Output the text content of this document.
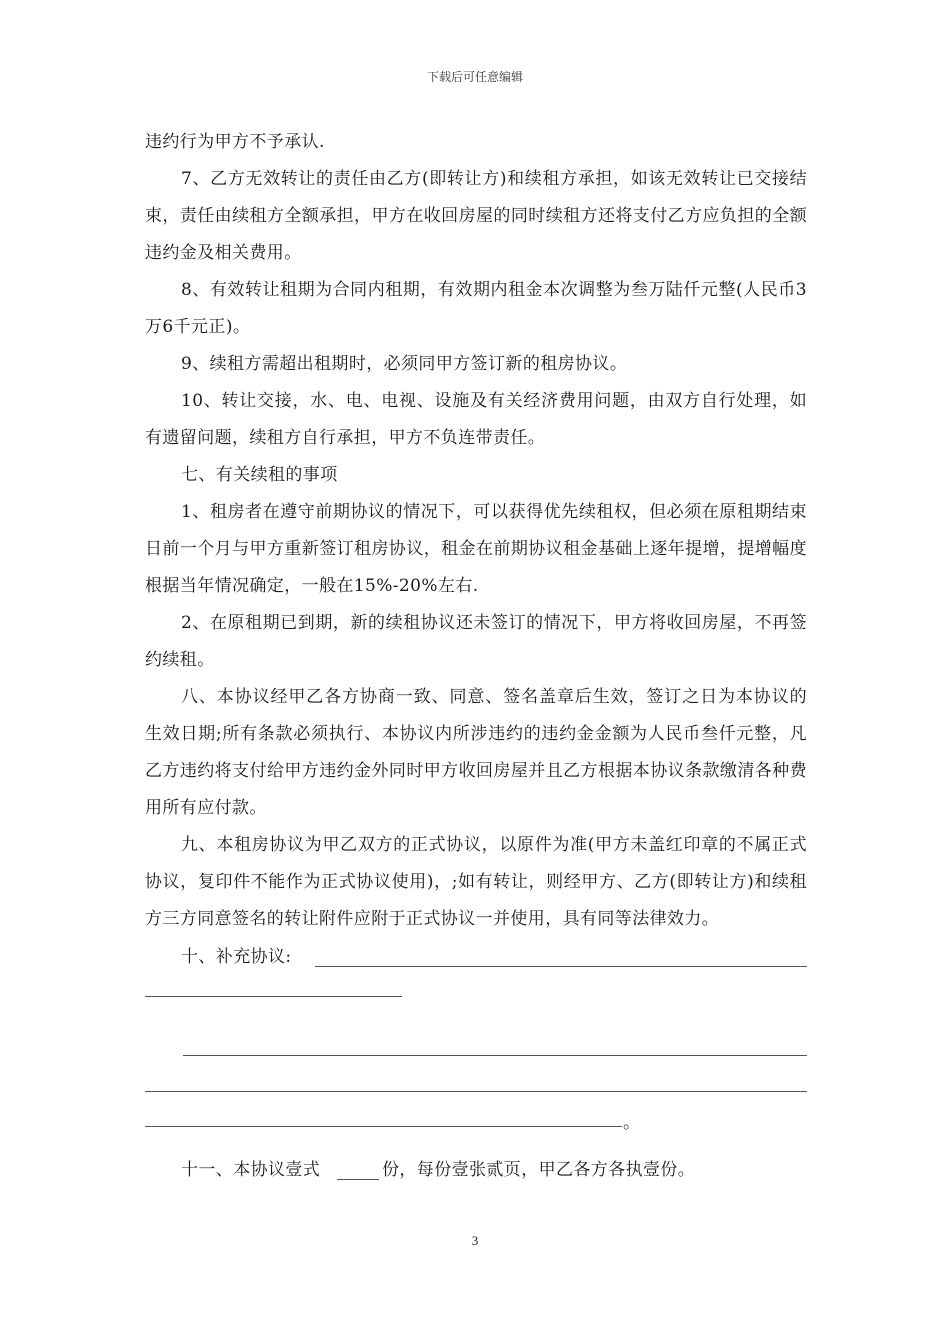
下载后可任意编辑

违约行为甲方不予承认.

7、乙方无效转让的责任由乙方(即转让方)和续租方承担，如该无效转让已交接结束，责任由续租方全额承担，甲方在收回房屋的同时续租方还将支付乙方应负担的全额违约金及相关费用。

8、有效转让租期为合同内租期，有效期内租金本次调整为叁万陆仟元整(人民币3万6千元正)。

9、续租方需超出租期时，必须同甲方签订新的租房协议。

10、转让交接，水、电、电视、设施及有关经济费用问题，由双方自行处理，如有遗留问题，续租方自行承担，甲方不负连带责任。

七、有关续租的事项

1、租房者在遵守前期协议的情况下，可以获得优先续租权，但必须在原租期结束日前一个月与甲方重新签订租房协议，租金在前期协议租金基础上逐年提增，提增幅度根据当年情况确定，一般在15%-20%左右.

2、在原租期已到期，新的续租协议还未签订的情况下，甲方将收回房屋，不再签约续租。

八、本协议经甲乙各方协商一致、同意、签名盖章后生效，签订之日为本协议的生效日期;所有条款必须执行、本协议内所涉违约的违约金金额为人民币叁仟元整，凡乙方违约将支付给甲方违约金外同时甲方收回房屋并且乙方根据本协议条款缴清各种费用所有应付款。

九、本租房协议为甲乙双方的正式协议，以原件为准(甲方未盖红印章的不属正式协议，复印件不能作为正式协议使用)，;如有转让，则经甲方、乙方(即转让方)和续租方三方同意签名的转让附件应附于正式协议一并使用，具有同等法律效力。

十、补充协议:
。
十一、本协议壹式	份，每份壹张贰页，甲乙各方各执壹份。
3
